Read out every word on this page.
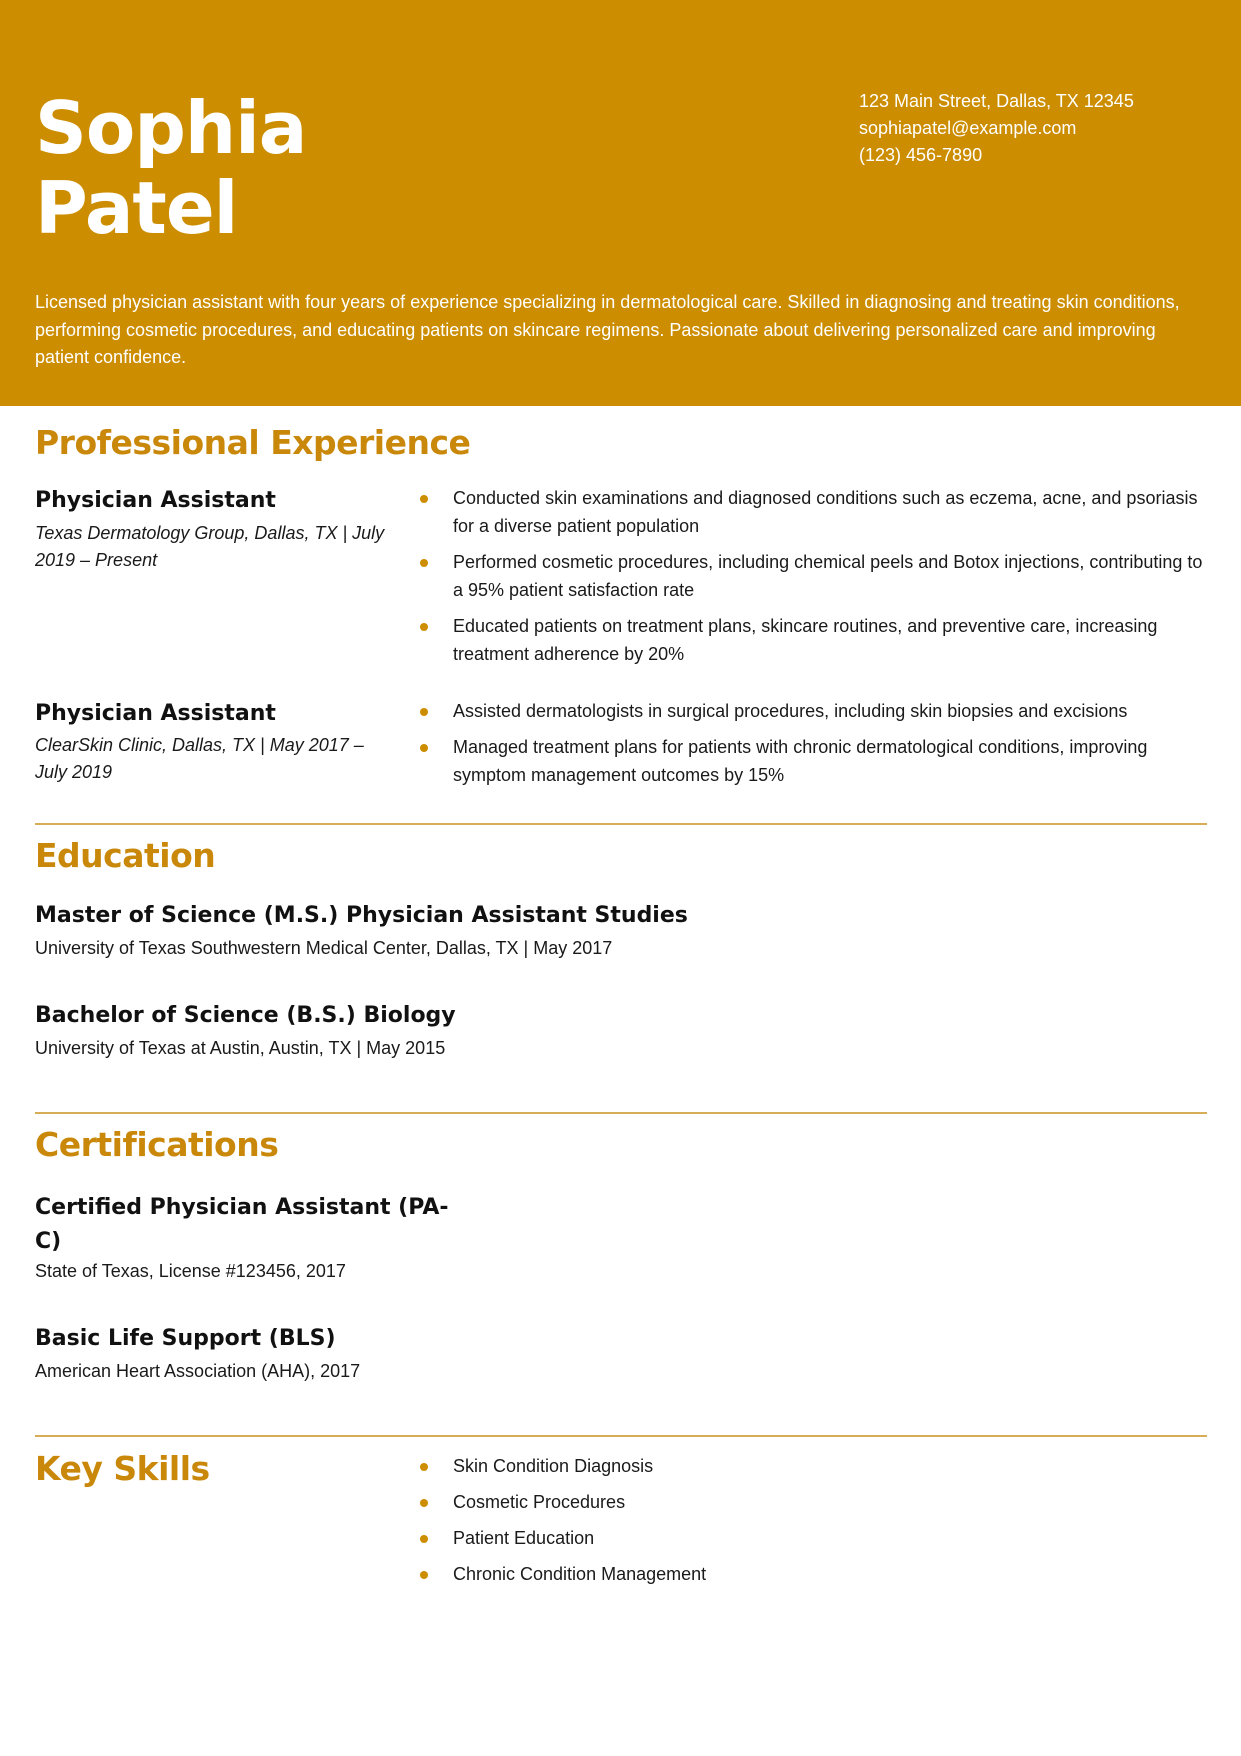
Sophia
Patel
123 Main Street, Dallas, TX 12345
sophiapatel@example.com
(123) 456-7890
Licensed physician assistant with four years of experience specializing in dermatological care. Skilled in diagnosing and treating skin conditions, performing cosmetic procedures, and educating patients on skincare regimens. Passionate about delivering personalized care and improving patient confidence.
Professional Experience
Physician Assistant
Texas Dermatology Group, Dallas, TX | July 2019 – Present
Conducted skin examinations and diagnosed conditions such as eczema, acne, and psoriasis for a diverse patient population
Performed cosmetic procedures, including chemical peels and Botox injections, contributing to a 95% patient satisfaction rate
Educated patients on treatment plans, skincare routines, and preventive care, increasing treatment adherence by 20%
Physician Assistant
ClearSkin Clinic, Dallas, TX | May 2017 – July 2019
Assisted dermatologists in surgical procedures, including skin biopsies and excisions
Managed treatment plans for patients with chronic dermatological conditions, improving symptom management outcomes by 15%
Education
Master of Science (M.S.) Physician Assistant Studies
University of Texas Southwestern Medical Center, Dallas, TX | May 2017
Bachelor of Science (B.S.) Biology
University of Texas at Austin, Austin, TX | May 2015
Certifications
Certified Physician Assistant (PA-
C)
State of Texas, License #123456, 2017
Basic Life Support (BLS)
American Heart Association (AHA), 2017
Key Skills	Skin Condition Diagnosis
Cosmetic Procedures
Patient Education
Chronic Condition Management
